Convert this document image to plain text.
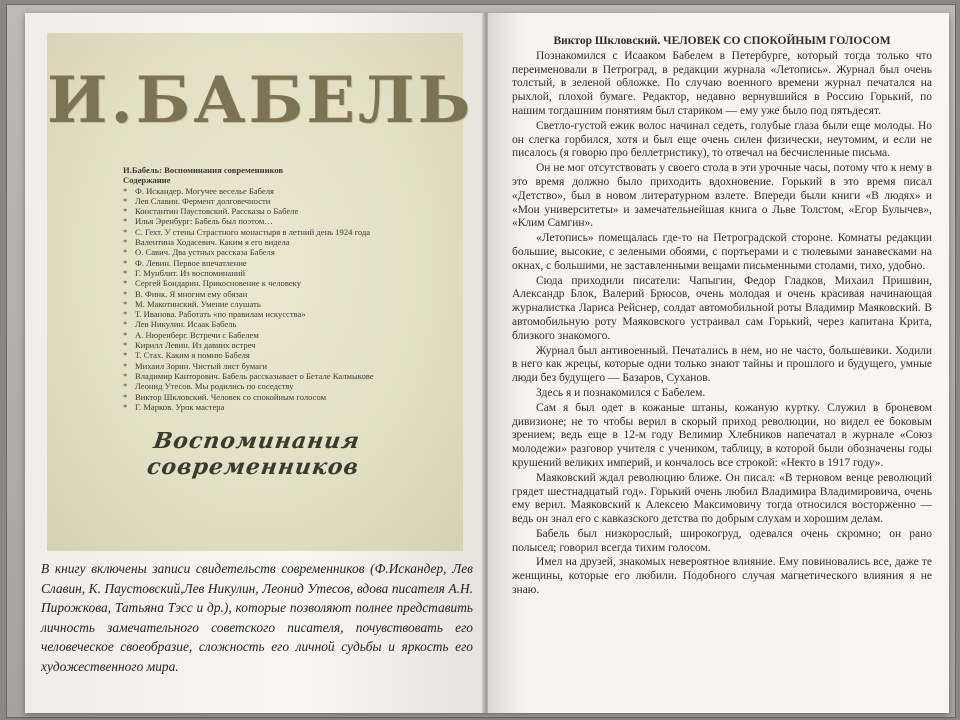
И.БАБЕЛЬ
И.Бабель: Воспоминания современников
Содержание
* Ф. Искандер. Могучее веселье Бабеля
* Лев Славин. Фермент долговечности
* Константин Паустовский. Рассказы о Бабеле
* Илья Эренбург: Бабель был поэтом…
* С. Гехт. У стены Страстного монастыря в летний день 1924 года
* Валентина Ходасевич. Каким я его видела
* О. Савич. Два устных рассказа Бабеля
* Ф. Левин. Первое впечатление
* Г. Мунблит. Из воспоминаний
* Сергей Бондарин. Прикосновение к человеку
* В. Финк. Я многим ему обязан
* М. Макотинский. Умение слушать
* Т. Иванова. Работать «по правилам искусства»
* Лев Никулин. Исаак Бабель
* А. Нюренберг. Встречи с Бабелем
* Кирилл Левин. Из давних встреч
* Т. Стах. Каким я помню Бабеля
* Михаил Зорин. Чистый лист бумаги
* Владимир Канторович. Бабель рассказывает о Бетале Калмыкове
* Леонид Утесов. Мы родились по соседству
* Виктор Шкловский. Человек со спокойным голосом
* Г. Марков. Урок мастера
Воспоминания современников
В книгу включены записи свидетельств современников (Ф.Искандер, Лев Славин, К. Паустовский,Лев Никулин, Леонид Утесов, вдова писателя А.Н. Пирожкова, Татьяна Тэсс и др.), которые позволяют полнее представить личность замечательного советского писателя, почувствовать его человеческое своеобразие, сложность его личной судьбы и яркость его художественного мира.
Виктор Шкловский. ЧЕЛОВЕК СО СПОКОЙНЫМ ГОЛОСОМ

Познакомился с Исааком Бабелем в Петербурге, который тогда только что переименовали в Петроград, в редакции журнала «Летопись». Журнал был очень толстый, в зеленой обложке. По случаю военного времени журнал печатался на рыхлой, плохой бумаге. Редактор, недавно вернувшийся в Россию Горький, по нашим тогдашним понятиям был стариком — ему уже было под пятьдесят.

Светло-густой ежик волос начинал седеть, голубые глаза были еще молоды. Но он слегка горбился, хотя и был еще очень силен физически, неутомим, и если не писалось (я говорю про беллетристику), то отвечал на бесчисленные письма.

Он не мог отсутствовать у своего стола в эти урочные часы, потому что к нему в это время должно было приходить вдохновение. Горький в это время писал «Детство», был в новом литературном взлете. Впереди были книги «В людях» и «Мои университеты» и замечательнейшая книга о Льве Толстом, «Егор Булычев», «Клим Самгин».

«Летопись» помещалась где-то на Петроградской стороне. Комнаты редакции большие, высокие, с зелеными обоями, с портьерами и с тюлевыми занавесками на окнах, с большими, не заставленными вещами письменными столами, тихо, удобно.

Сюда приходили писатели: Чапыгин, Федор Гладков, Михаил Пришвин, Александр Блок, Валерий Брюсов, очень молодая и очень красивая начинающая журналистка Лариса Рейснер, солдат автомобильной роты Владимир Маяковский. В автомобильную роту Маяковского устраивал сам Горький, через капитана Крита, близкого знакомого.

Журнал был антивоенный. Печатались в нем, но не часто, большевики. Ходили в него как жрецы, которые одни только знают тайны и прошлого и будущего, умные люди без будущего — Базаров, Суханов.

Здесь я и познакомился с Бабелем.

Сам я был одет в кожаные штаны, кожаную куртку. Служил в броневом дивизионе; не то чтобы верил в скорый приход революции, но видел ее боковым зрением; ведь еще в 12-м году Велимир Хлебников напечатал в журнале «Союз молодежи» разговор учителя с учеником, таблицу, в которой были обозначены годы крушений великих империй, и кончалось все строкой: «Некто в 1917 году».

Маяковский ждал революцию ближе. Он писал: «В терновом венце революций грядет шестнадцатый год». Горький очень любил Владимира Владимировича, очень ему верил. Маяковский к Алексею Максимовичу тогда относился восторженно — ведь он знал его с кавказского детства по добрым слухам и хорошим делам.

Бабель был низкорослый, широкогруд, одевался очень скромно; он рано полысел; говорил всегда тихим голосом.

Имел на друзей, знакомых невероятное влияние. Ему повиновались все, даже те женщины, которые его любили. Подобного случая магнетического влияния я не знаю.
